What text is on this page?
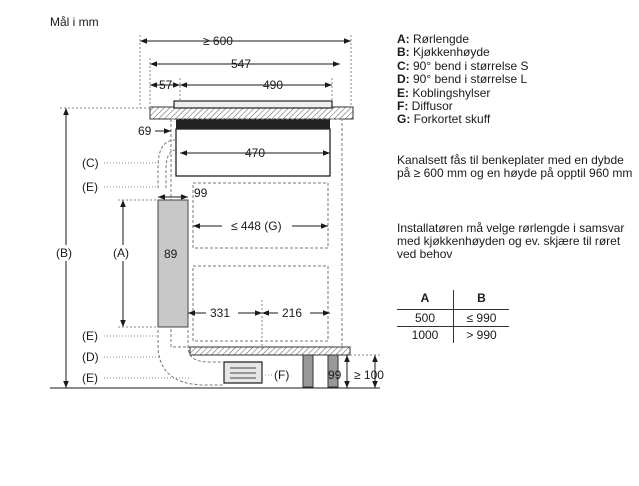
Mål i mm
≥ 600
547
57	490
69
470
99
≤ 448 (G)
89
331	216
(B)	(A)
(C)
(E)
(E)
(D)
(E)	(F)	99 ≥ 100
A: Rørlengde
B: Kjøkkenhøyde
C: 90° bend i størrelse S
D: 90° bend i størrelse L
E: Koblingshylser
F: Diffusor
G: Forkortet skuff
Kanalsett fås til benkeplater med en dybde på ≥ 600 mm og en høyde på opptil 960 mm
Installatøren må velge rørlengde i samsvar med kjøkkenhøyden og ev. skjære til røret ved behov
A	B
500	≤ 990
1000	> 990
